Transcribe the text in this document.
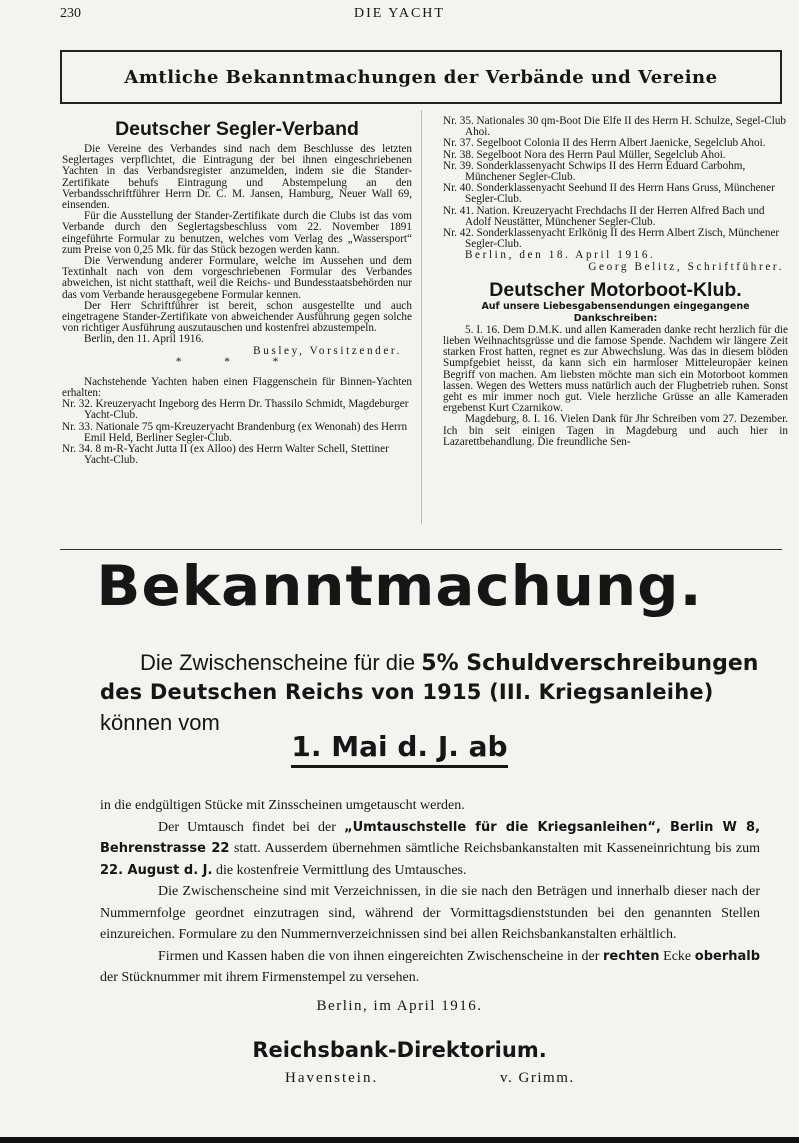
230	DIE YACHT
Amtliche Bekanntmachungen der Verbände und Vereine
Deutscher Segler-Verband

Die Vereine des Verbandes sind nach dem Beschlusse des letzten Seglertages verpflichtet, die Eintragung der bei ihnen eingeschriebenen Yachten in das Verbandsregister anzumelden, indem sie die Stander-Zertifikate behufs Eintragung und Abstempelung an den Verbandsschriftführer Herrn Dr. C. M. Jansen, Hamburg, Neuer Wall 69, einsenden.

Für die Ausstellung der Stander-Zertifikate durch die Clubs ist das vom Verbande durch den Seglertagsbeschluss vom 22. November 1891 eingeführte Formular zu benutzen, welches vom Verlag des „Wassersport“ zum Preise von 0,25 Mk. für das Stück bezogen werden kann.

Die Verwendung anderer Formulare, welche im Aussehen und dem Textinhalt nach von dem vorgeschriebenen Formular des Verbandes abweichen, ist nicht statthaft, weil die Reichs- und Bundesstaatsbehörden nur das vom Verbande herausgegebene Formular kennen.

Der Herr Schriftführer ist bereit, schon ausgestellte und auch eingetragene Stander-Zertifikate von abweichender Ausführung gegen solche von richtiger Ausführung auszutauschen und kostenfrei abzustempeln.

Berlin, den 11. April 1916.

Busley, Vorsitzender.

* * *

Nachstehende Yachten haben einen Flaggenschein für Binnen-Yachten erhalten:

Nr. 32. Kreuzeryacht Ingeborg des Herrn Dr. Thassilo Schmidt, Magdeburger Yacht-Club.

Nr. 33. Nationale 75 qm-Kreuzeryacht Brandenburg (ex Wenonah) des Herrn Emil Held, Berliner Segler-Club.

Nr. 34. 8 m-R-Yacht Jutta II (ex Alloo) des Herrn Walter Schell, Stettiner Yacht-Club.

Nr. 35. Nationales 30 qm-Boot Die Elfe II des Herrn H. Schulze, Segel-Club Ahoi.

Nr. 37. Segelboot Colonia II des Herrn Albert Jaenicke, Segelclub Ahoi.

Nr. 38. Segelboot Nora des Herrn Paul Müller, Segelclub Ahoi.

Nr. 39. Sonderklassenyacht Schwips II des Herrn Eduard Carbohm, Münchener Segler-Club.

Nr. 40. Sonderklassenyacht Seehund II des Herrn Hans Gruss, Münchener Segler-Club.

Nr. 41. Nation. Kreuzeryacht Frechdachs II der Herren Alfred Bach und Adolf Neustätter, Münchener Segler-Club.

Nr. 42. Sonderklassenyacht Erlkönig II des Herrn Albert Zisch, Münchener Segler-Club.

Berlin, den 18. April 1916.

Georg Belitz, Schriftführer.

Deutscher Motorboot-Klub.

Auf unsere Liebesgabensendungen eingegangene Dankschreiben:

5. I. 16. Dem D.M.K. und allen Kameraden danke recht herzlich für die lieben Weihnachtsgrüsse und die famose Spende. Nachdem wir längere Zeit starken Frost hatten, regnet es zur Abwechslung. Was das in diesem blöden Sumpfgebiet heisst, da kann sich ein harmloser Mitteleuropäer keinen Begriff von machen. Am liebsten möchte man sich ein Motorboot kommen lassen. Wegen des Wetters muss natürlich auch der Flugbetrieb ruhen. Sonst geht es mir immer noch gut. Viele herzliche Grüsse an alle Kameraden ergebenst Kurt Czarnikow.

Magdeburg, 8. I. 16. Vielen Dank für Jhr Schreiben vom 27. Dezember. Ich bin seit einigen Tagen in Magdeburg und auch hier in Lazarettbehandlung. Die freundliche Sen-

Bekanntmachung.
Die Zwischenscheine für die 5% Schuldverschreibungen
des Deutschen Reichs von 1915 (III. Kriegsanleihe)
können vom
1. Mai d. J. ab

in die endgültigen Stücke mit Zinsscheinen umgetauscht werden.

Der Umtausch findet bei der „Umtauschstelle für die Kriegsanleihen“, Berlin W 8, Behrenstrasse 22 statt. Ausserdem übernehmen sämtliche Reichsbankanstalten mit Kasseneinrichtung bis zum 22. August d. J. die kostenfreie Vermittlung des Umtausches.

Die Zwischenscheine sind mit Verzeichnissen, in die sie nach den Beträgen und innerhalb dieser nach der Nummernfolge geordnet einzutragen sind, während der Vormittagsdienststunden bei den genannten Stellen einzureichen. Formulare zu den Nummernverzeichnissen sind bei allen Reichsbankanstalten erhältlich.

Firmen und Kassen haben die von ihnen eingereichten Zwischenscheine in der rechten Ecke oberhalb der Stücknummer mit ihrem Firmenstempel zu versehen.

Berlin, im April 1916.
Reichsbank-Direktorium.
Havenstein.	v. Grimm.
